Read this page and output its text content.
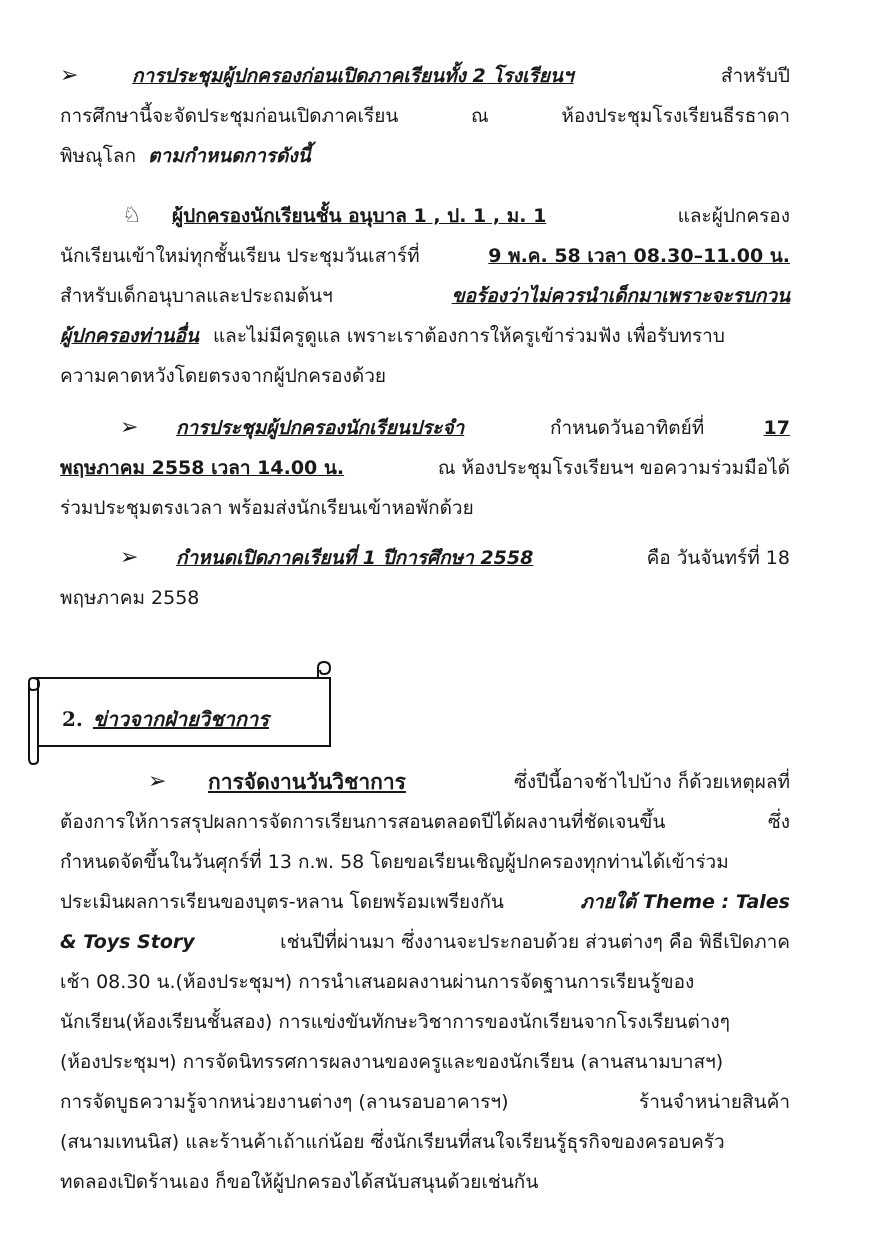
➢	การประชุมผู้ปกครองก่อนเปิดภาคเรียนทั้ง 2 โรงเรียนฯ	สำหรับปี
การศึกษานี้จะจัดประชุมก่อนเปิดภาคเรียน	ณ	ห้องประชุมโรงเรียนธีรธาดา
พิษณุโลก ตามกำหนดการดังนี้
♘ ผู้ปกครองนักเรียนชั้น อนุบาล 1 , ป. 1 , ม. 1	และผู้ปกครอง
นักเรียนเข้าใหม่ทุกชั้นเรียน ประชุมวันเสาร์ที่	9 พ.ค. 58 เวลา 08.30–11.00 น.
สำหรับเด็กอนุบาลและประถมต้นฯ	ขอร้องว่าไม่ควรนำเด็กมาเพราะจะรบกวน
ผู้ปกครองท่านอื่น และไม่มีครูดูแล เพราะเราต้องการให้ครูเข้าร่วมฟัง เพื่อรับทราบ
ความคาดหวังโดยตรงจากผู้ปกครองด้วย
➢ การประชุมผู้ปกครองนักเรียนประจำ	กำหนดวันอาทิตย์ที่	17
พฤษภาคม 2558 เวลา 14.00 น.	ณ ห้องประชุมโรงเรียนฯ ขอความร่วมมือได้
ร่วมประชุมตรงเวลา พร้อมส่งนักเรียนเข้าหอพักด้วย
➢ กำหนดเปิดภาคเรียนที่ 1 ปีการศึกษา 2558	คือ วันจันทร์ที่ 18
พฤษภาคม 2558
2. ข่าวจากฝ่ายวิชาการ
➢ การจัดงานวันวิชาการ	ซึ่งปีนี้อาจช้าไปบ้าง ก็ด้วยเหตุผลที่
ต้องการให้การสรุปผลการจัดการเรียนการสอนตลอดปีได้ผลงานที่ชัดเจนขึ้น	ซึ่ง
กำหนดจัดขึ้นในวันศุกร์ที่ 13 ก.พ. 58 โดยขอเรียนเชิญผู้ปกครองทุกท่านได้เข้าร่วม
ประเมินผลการเรียนของบุตร-หลาน โดยพร้อมเพรียงกัน	ภายใต้ Theme : Tales
& Toys Story	เช่นปีที่ผ่านมา ซึ่งงานจะประกอบด้วย ส่วนต่างๆ คือ พิธีเปิดภาค
เช้า 08.30 น.(ห้องประชุมฯ) การนำเสนอผลงานผ่านการจัดฐานการเรียนรู้ของ
นักเรียน(ห้องเรียนชั้นสอง) การแข่งขันทักษะวิชาการของนักเรียนจากโรงเรียนต่างๆ
(ห้องประชุมฯ) การจัดนิทรรศการผลงานของครูและของนักเรียน (ลานสนามบาสฯ)
การจัดบูธความรู้จากหน่วยงานต่างๆ (ลานรอบอาคารฯ)	ร้านจำหน่ายสินค้า
(สนามเทนนิส) และร้านค้าเถ้าแก่น้อย ซึ่งนักเรียนที่สนใจเรียนรู้ธุรกิจของครอบครัว
ทดลองเปิดร้านเอง ก็ขอให้ผู้ปกครองได้สนับสนุนด้วยเช่นกัน
